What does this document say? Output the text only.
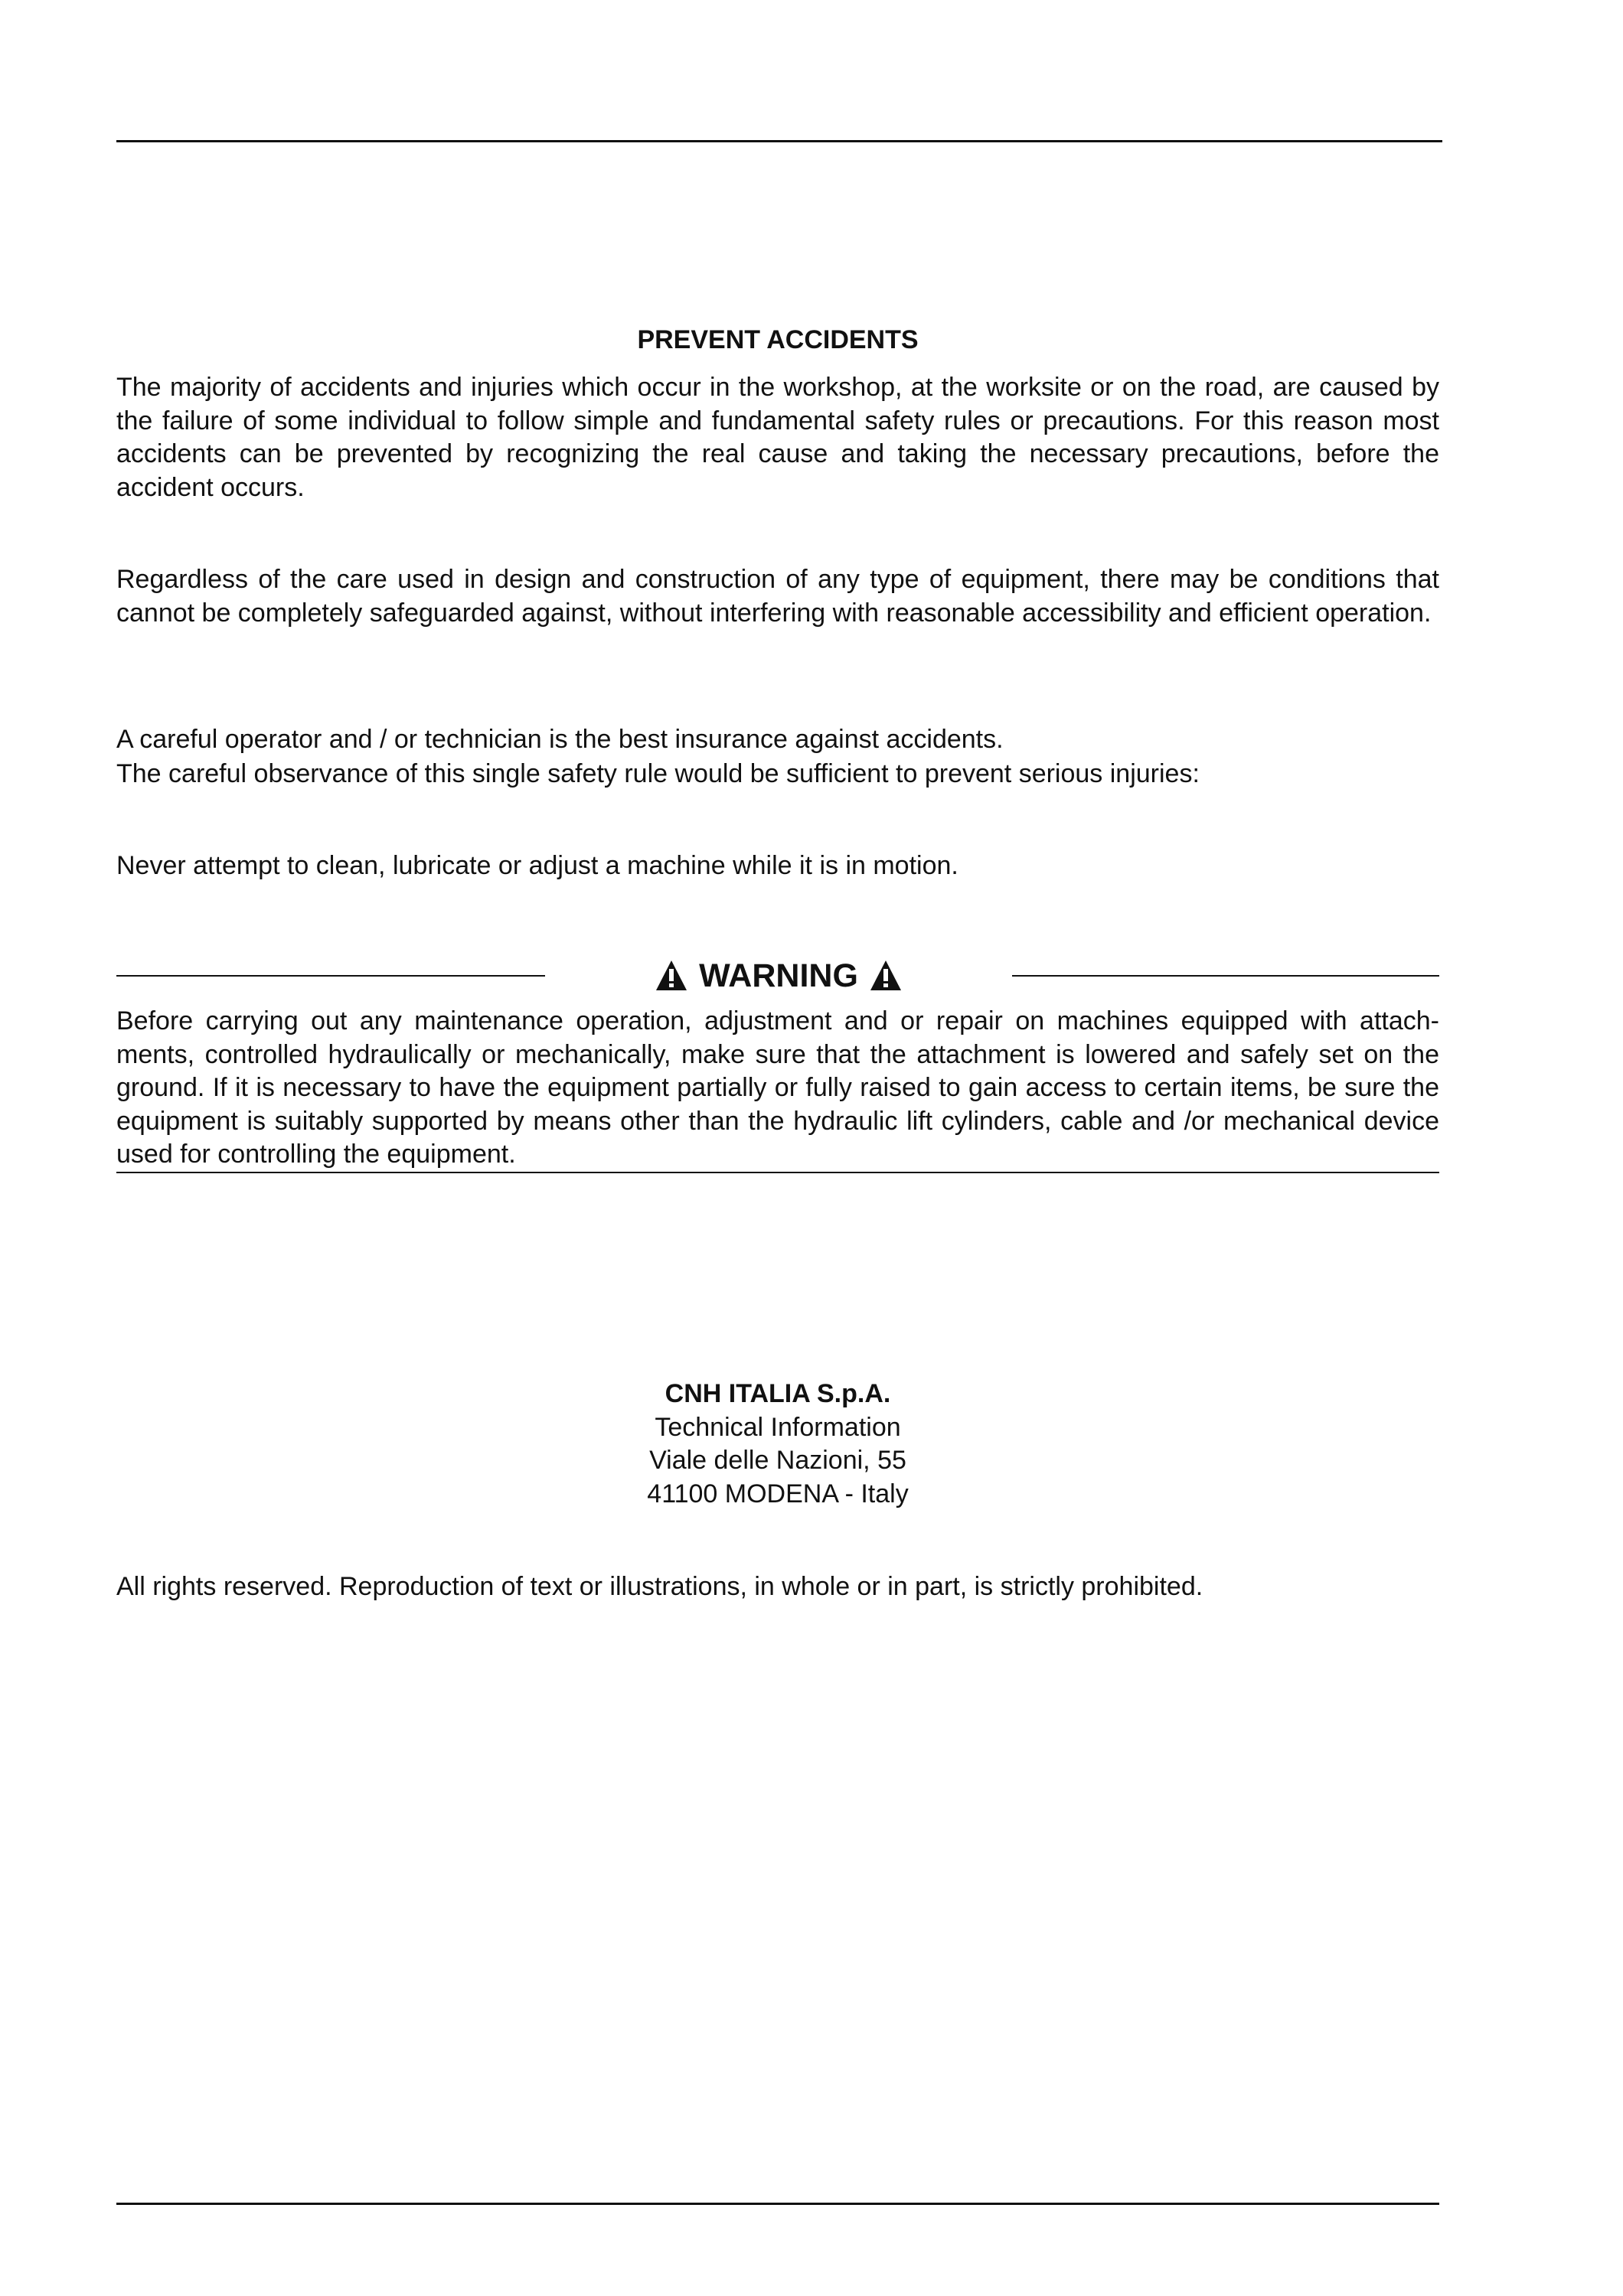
PREVENT ACCIDENTS
The majority of accidents and injuries which occur in the workshop, at the worksite or on the road, are caused by the failure of some individual to follow simple and fundamental safety rules or precautions. For this reason most accidents can be prevented by recognizing the real cause and taking the necessary precautions, before the accident occurs.
Regardless of the care used in design and construction of any type of equipment, there may be conditions that cannot be completely safeguarded against, without interfering with reasonable accessibility and efficient operation.
A careful operator and / or technician is the best insurance against accidents.
The careful observance of this single safety rule would be sufficient to prevent serious injuries:
Never attempt to clean, lubricate or adjust a machine while it is in motion.
WARNING
Before carrying out any maintenance operation, adjustment and or repair on machines equipped with attach-ments, controlled hydraulically or mechanically, make sure that the attachment is lowered and safely set on the ground. If it is necessary to have the equipment partially or fully raised to gain access to certain items, be sure the equipment is suitably supported by means other than the hydraulic lift cylinders, cable and /or mechanical device used for controlling the equipment.
CNH ITALIA S.p.A.
Technical Information
Viale delle Nazioni, 55
41100 MODENA - Italy
All rights reserved. Reproduction of text or illustrations, in whole or in part, is strictly prohibited.
